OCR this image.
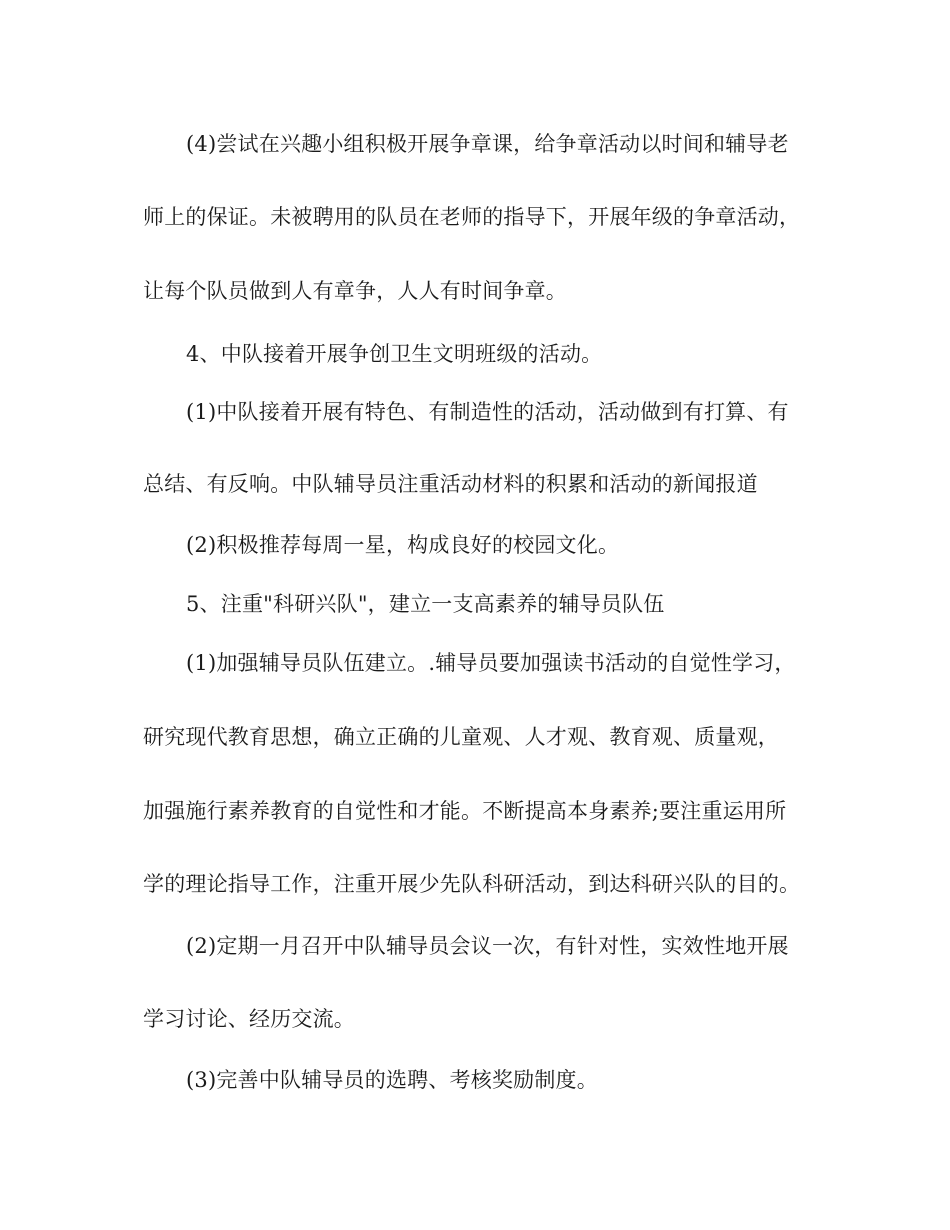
(4)尝试在兴趣小组积极开展争章课，给争章活动以时间和辅导老
师上的保证。未被聘用的队员在老师的指导下，开展年级的争章活动，
让每个队员做到人有章争，人人有时间争章。
4、中队接着开展争创卫生文明班级的活动。
(1)中队接着开展有特色、有制造性的活动，活动做到有打算、有
总结、有反响。中队辅导员注重活动材料的积累和活动的新闻报道
(2)积极推荐每周一星，构成良好的校园文化。
5、注重"科研兴队"，建立一支高素养的辅导员队伍
(1)加强辅导员队伍建立。.辅导员要加强读书活动的自觉性学习，
研究现代教育思想，确立正确的儿童观、人才观、教育观、质量观，
加强施行素养教育的自觉性和才能。不断提高本身素养;要注重运用所
学的理论指导工作，注重开展少先队科研活动，到达科研兴队的目的。
(2)定期一月召开中队辅导员会议一次，有针对性，实效性地开展
学习讨论、经历交流。
(3)完善中队辅导员的选聘、考核奖励制度。
